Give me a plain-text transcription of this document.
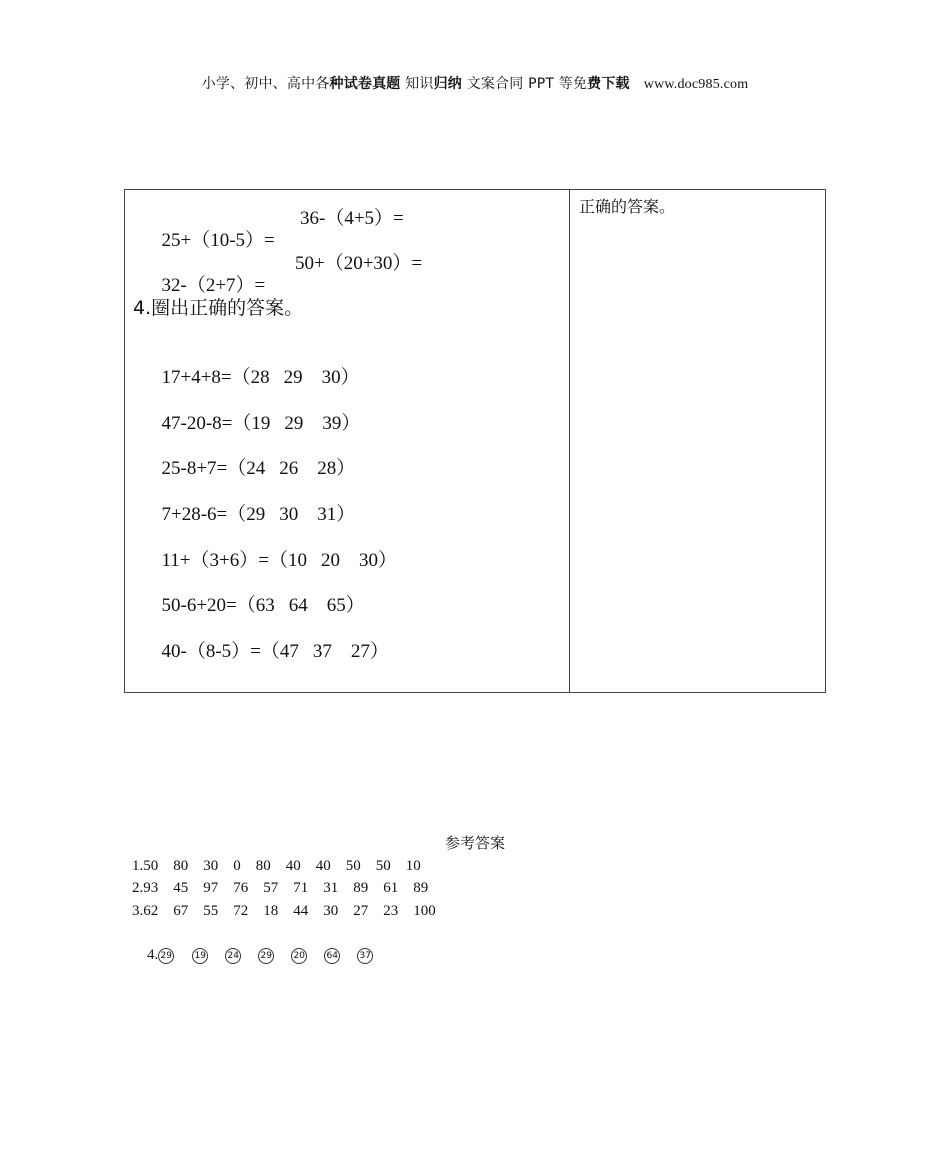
小学、初中、高中各种试卷真题 知识归纳 文案合同 PPT 等免费下载 www.doc985.com

25+（10-5）=

36-（4+5）=

32-（2+7）=

50+（20+30）=

4.圈出正确的答案。

17+4+8=（28 29    30）

47-20-8=（19 29    39）

25-8+7=（24 26    28）

7+28-6=（29 30    31）

11+（3+6）=（10 20    30）

50-6+20=（63 64    65）

40-（8-5）=（47 37    27）

正确的答案。
参考答案
1.50    80    30    0    80    40    40    50    50    10
2.93    45    97    76    57    71    31    89    61    89
3.62    67    55    72    18    44    30    27    23    100

4. 29	19 24 29 20 64 37
